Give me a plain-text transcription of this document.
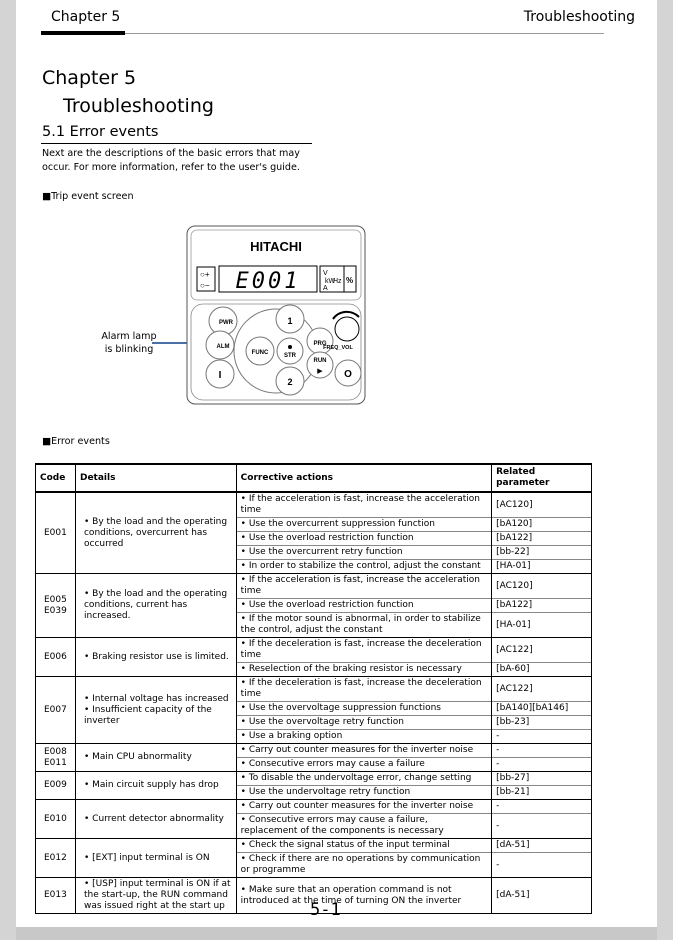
Chapter 5	Troubleshooting
Chapter 5
Troubleshooting
5.1 Error events
Next are the descriptions of the basic errors that may occur. For more information, refer to the user's guide.
■Trip event screen
Alarm lamp is blinking
HITACHI
○+
○− E001	V
kW
A
Hz %
1
2
FUNC	STR
PRG
RUN
▶
PWR
ALM
I
FREQ_VOL
O
■Error events
Code	Details	Corrective actions	Related parameter
E001	• By the load and the operating conditions, overcurrent has occurred	• If the acceleration is fast, increase the acceleration time	[AC120]
		• Use the overcurrent suppression function	[bA120]
		• Use the overload restriction function	[bA122]
		• Use the overcurrent retry function	[bb-22]
		• In order to stabilize the control, adjust the constant	[HA-01]
E005
E039	• By the load and the operating conditions, current has increased.	• If the acceleration is fast, increase the acceleration time	[AC120]
		• Use the overload restriction function	[bA122]
		• If the motor sound is abnormal, in order to stabilize the control, adjust the constant	[HA-01]
E006	• Braking resistor use is limited.	• If the deceleration is fast, increase the deceleration time	[AC122]
		• Reselection of the braking resistor is necessary	[bA-60]
E007	• Internal voltage has increased
• Insufficient capacity of the inverter	• If the deceleration is fast, increase the deceleration time	[AC122]
		• Use the overvoltage suppression functions	[bA140][bA146]
		• Use the overvoltage retry function	[bb-23]
		• Use a braking option	-
E008
E011	• Main CPU abnormality	• Carry out counter measures for the inverter noise	-
		• Consecutive errors may cause a failure	-
E009	• Main circuit supply has drop	• To disable the undervoltage error, change setting	[bb-27]
		• Use the undervoltage retry function	[bb-21]
E010	• Current detector abnormality	• Carry out counter measures for the inverter noise	-
		• Consecutive errors may cause a failure, replacement of the components is necessary	-
E012	• [EXT] input terminal is ON	• Check the signal status of the input terminal	[dA-51]
		• Check if there are no operations by communication or programme	-
E013	• [USP] input terminal is ON if at the start-up, the RUN command was issued right at the start up	• Make sure that an operation command is not introduced at the time of turning ON the inverter	[dA-51]
5-1
